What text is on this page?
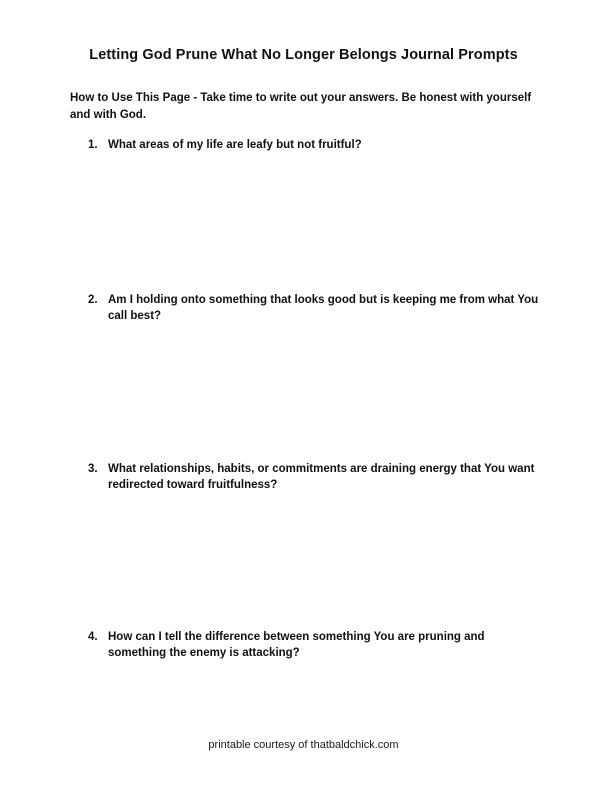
Letting God Prune What No Longer Belongs Journal Prompts

How to Use This Page - Take time to write out your answers. Be honest with yourself and with God.

1. What areas of my life are leafy but not fruitful?
2. Am I holding onto something that looks good but is keeping me from what You call best?
3. What relationships, habits, or commitments are draining energy that You want redirected toward fruitfulness?
4. How can I tell the difference between something You are pruning and something the enemy is attacking?
printable courtesy of thatbaldchick.com
